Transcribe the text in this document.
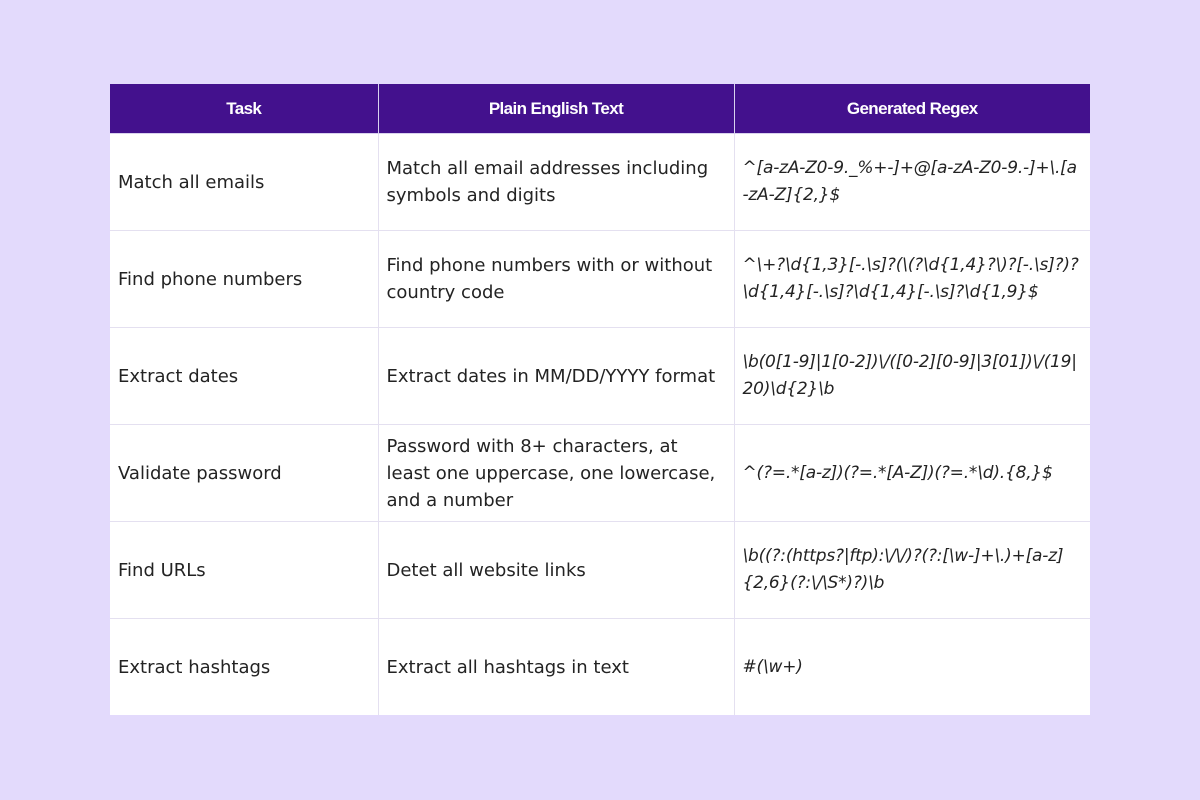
Task	Plain English Text	Generated Regex
Match all emails	Match all email addresses including symbols and digits	^[a-zA-Z0-9._%+-]+@[a-zA-Z0-9.-]+\.[a-zA-Z]{2,}$
Find phone numbers	Find phone numbers with or without country code	^\+?\d{1,3}[-.\s]?(\(?\d{1,4}?\)?[-.\s]?)?\d{1,4}[-.\s]?\d{1,4}[-.\s]?\d{1,9}$
Extract dates	Extract dates in MM/DD/YYYY format	\b(0[1-9]|1[0-2])\/([0-2][0-9]|3[01])\/(19|20)\d{2}\b
Validate password	Password with 8+ characters, at least one uppercase, one lowercase, and a number	^(?=.*[a-z])(?=.*[A-Z])(?=.*\d).{8,}$
Find URLs	Detet all website links	\b((?:(https?|ftp):\/\/)?(?:[\w-]+\.)+[a-z]{2,6}(?:\/\S*)?)\b
Extract hashtags	Extract all hashtags in text	#(\w+)
